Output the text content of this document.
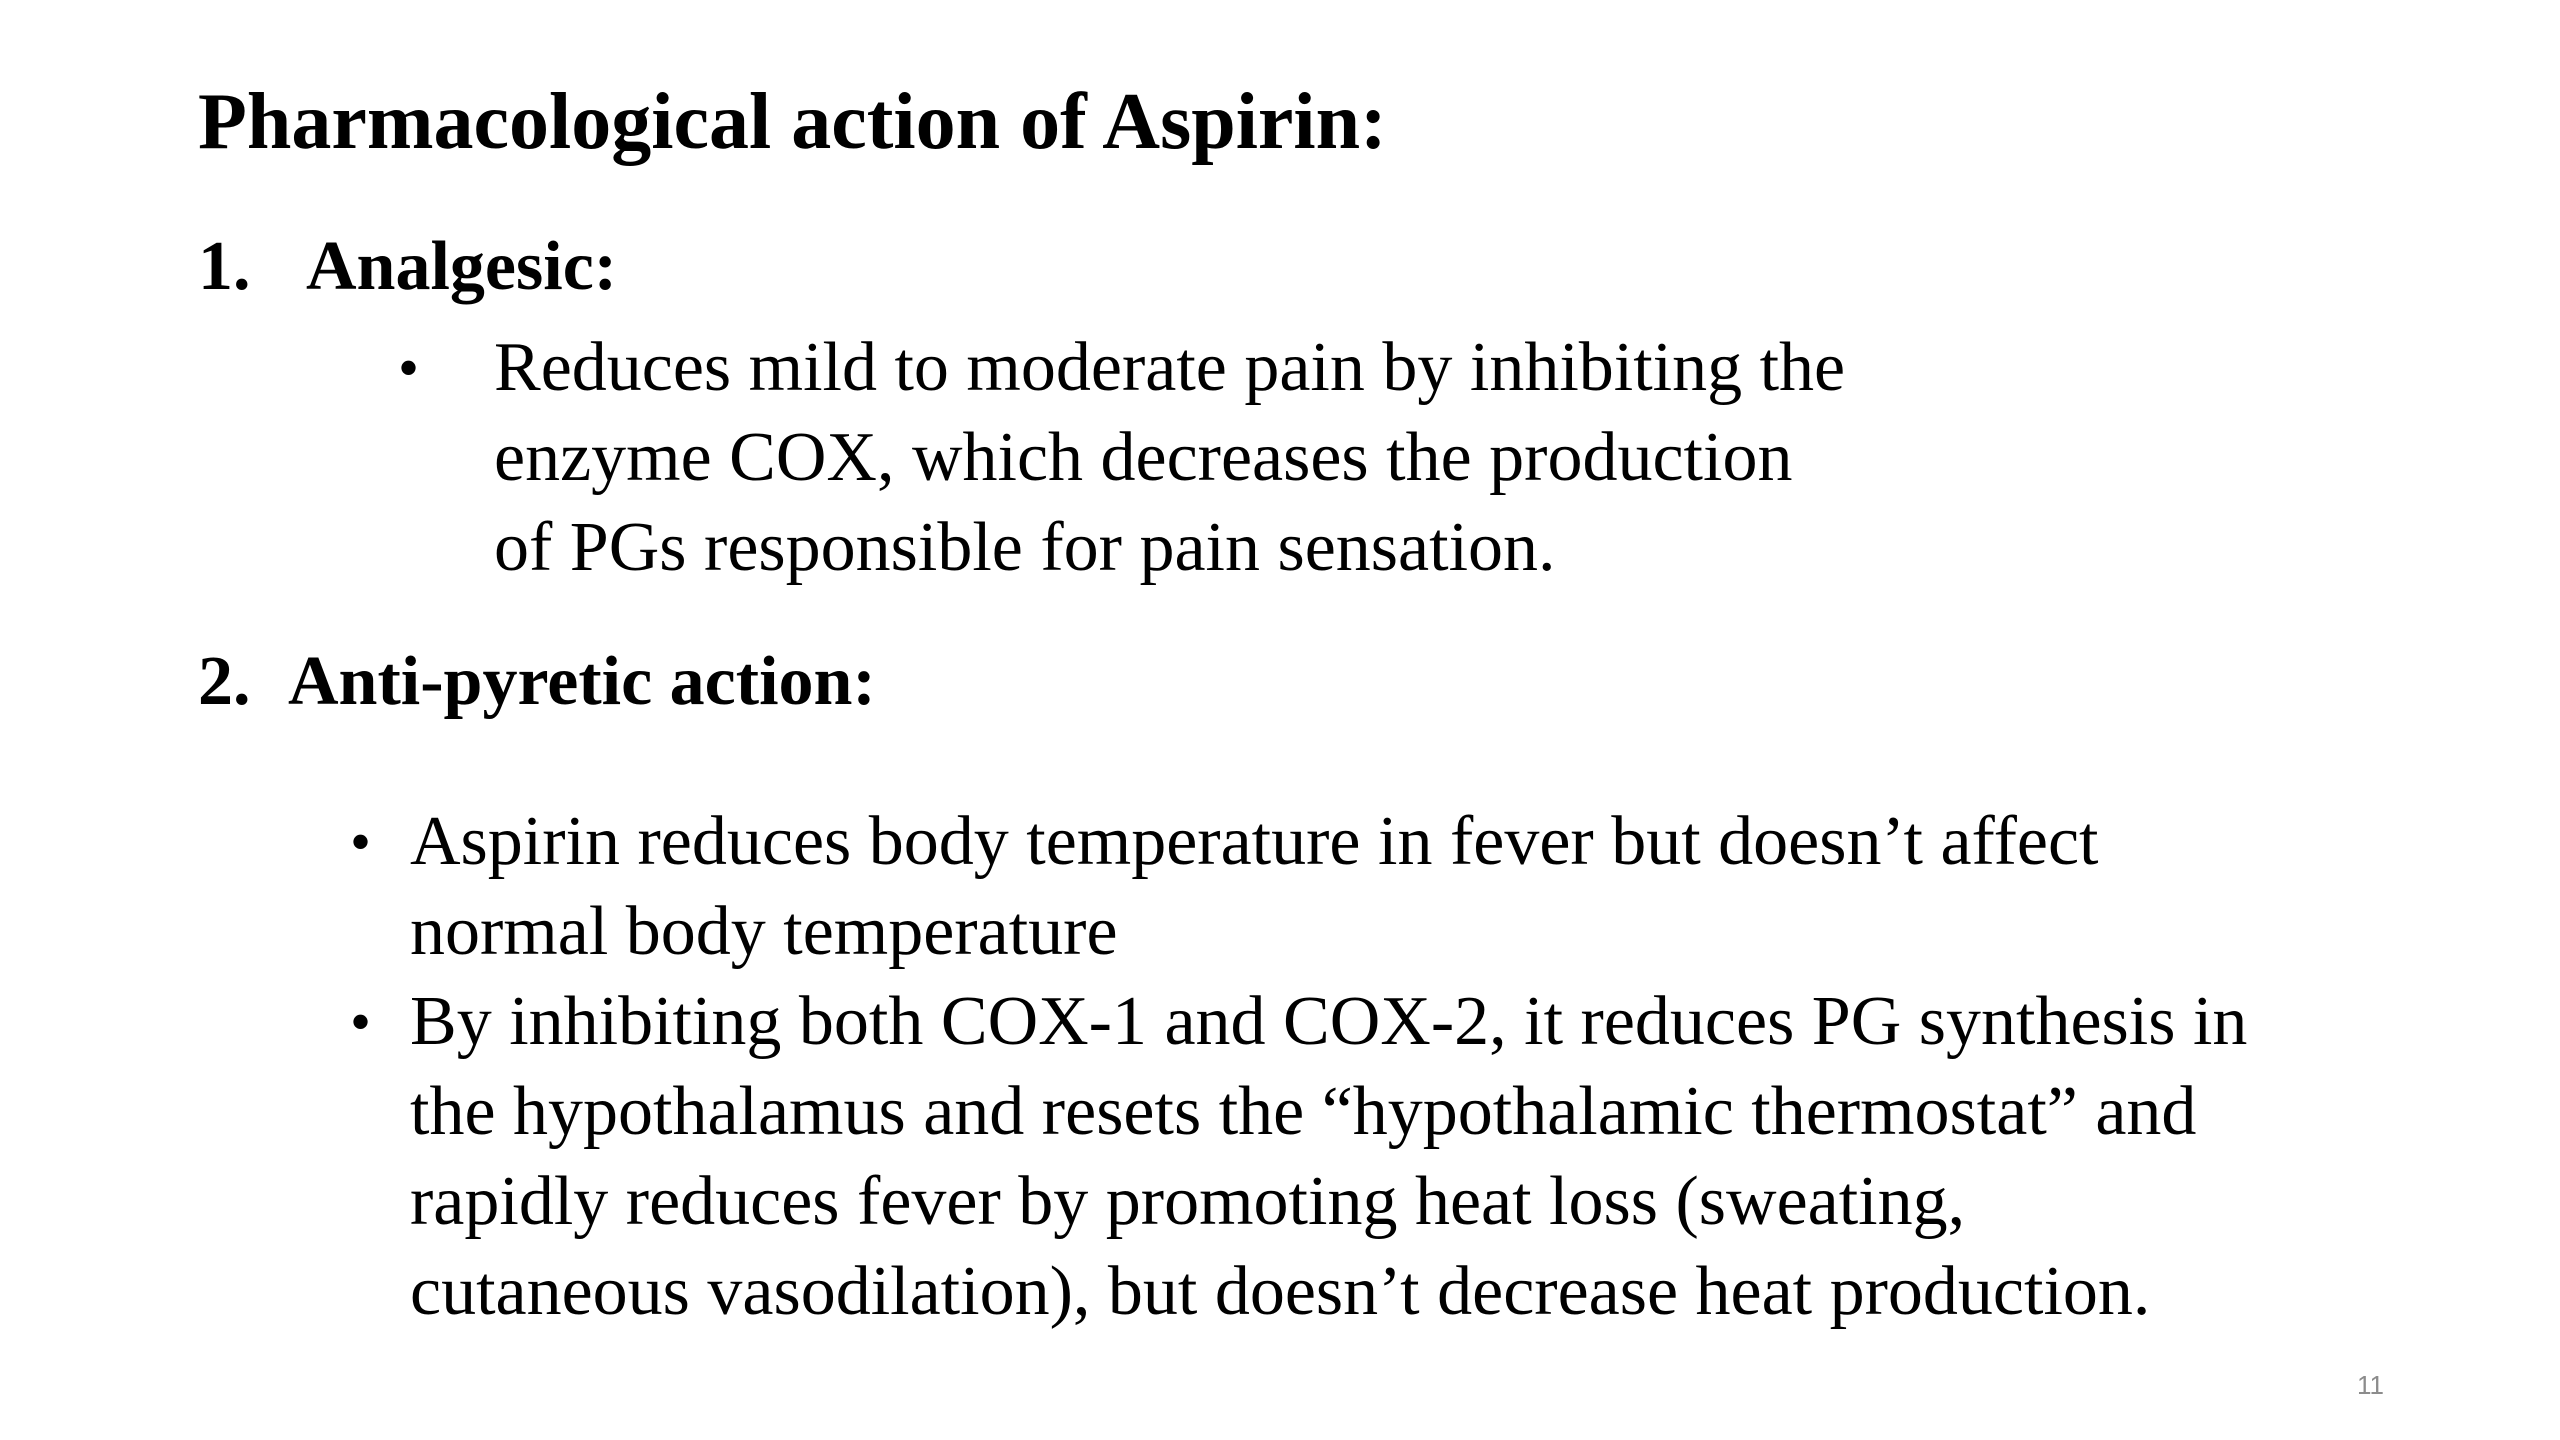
Pharmacological action of Aspirin:
1. Analgesic:
• Reduces mild to moderate pain by inhibiting the
enzyme COX, which decreases the production
of PGs responsible for pain sensation.
2. Anti-pyretic action:
• Aspirin reduces body temperature in fever but doesn’t affect
normal body temperature
• By inhibiting both COX-1 and COX-2, it reduces PG synthesis in
the hypothalamus and resets the “hypothalamic thermostat” and
rapidly reduces fever by promoting heat loss (sweating,
cutaneous vasodilation), but doesn’t decrease heat production.
11
